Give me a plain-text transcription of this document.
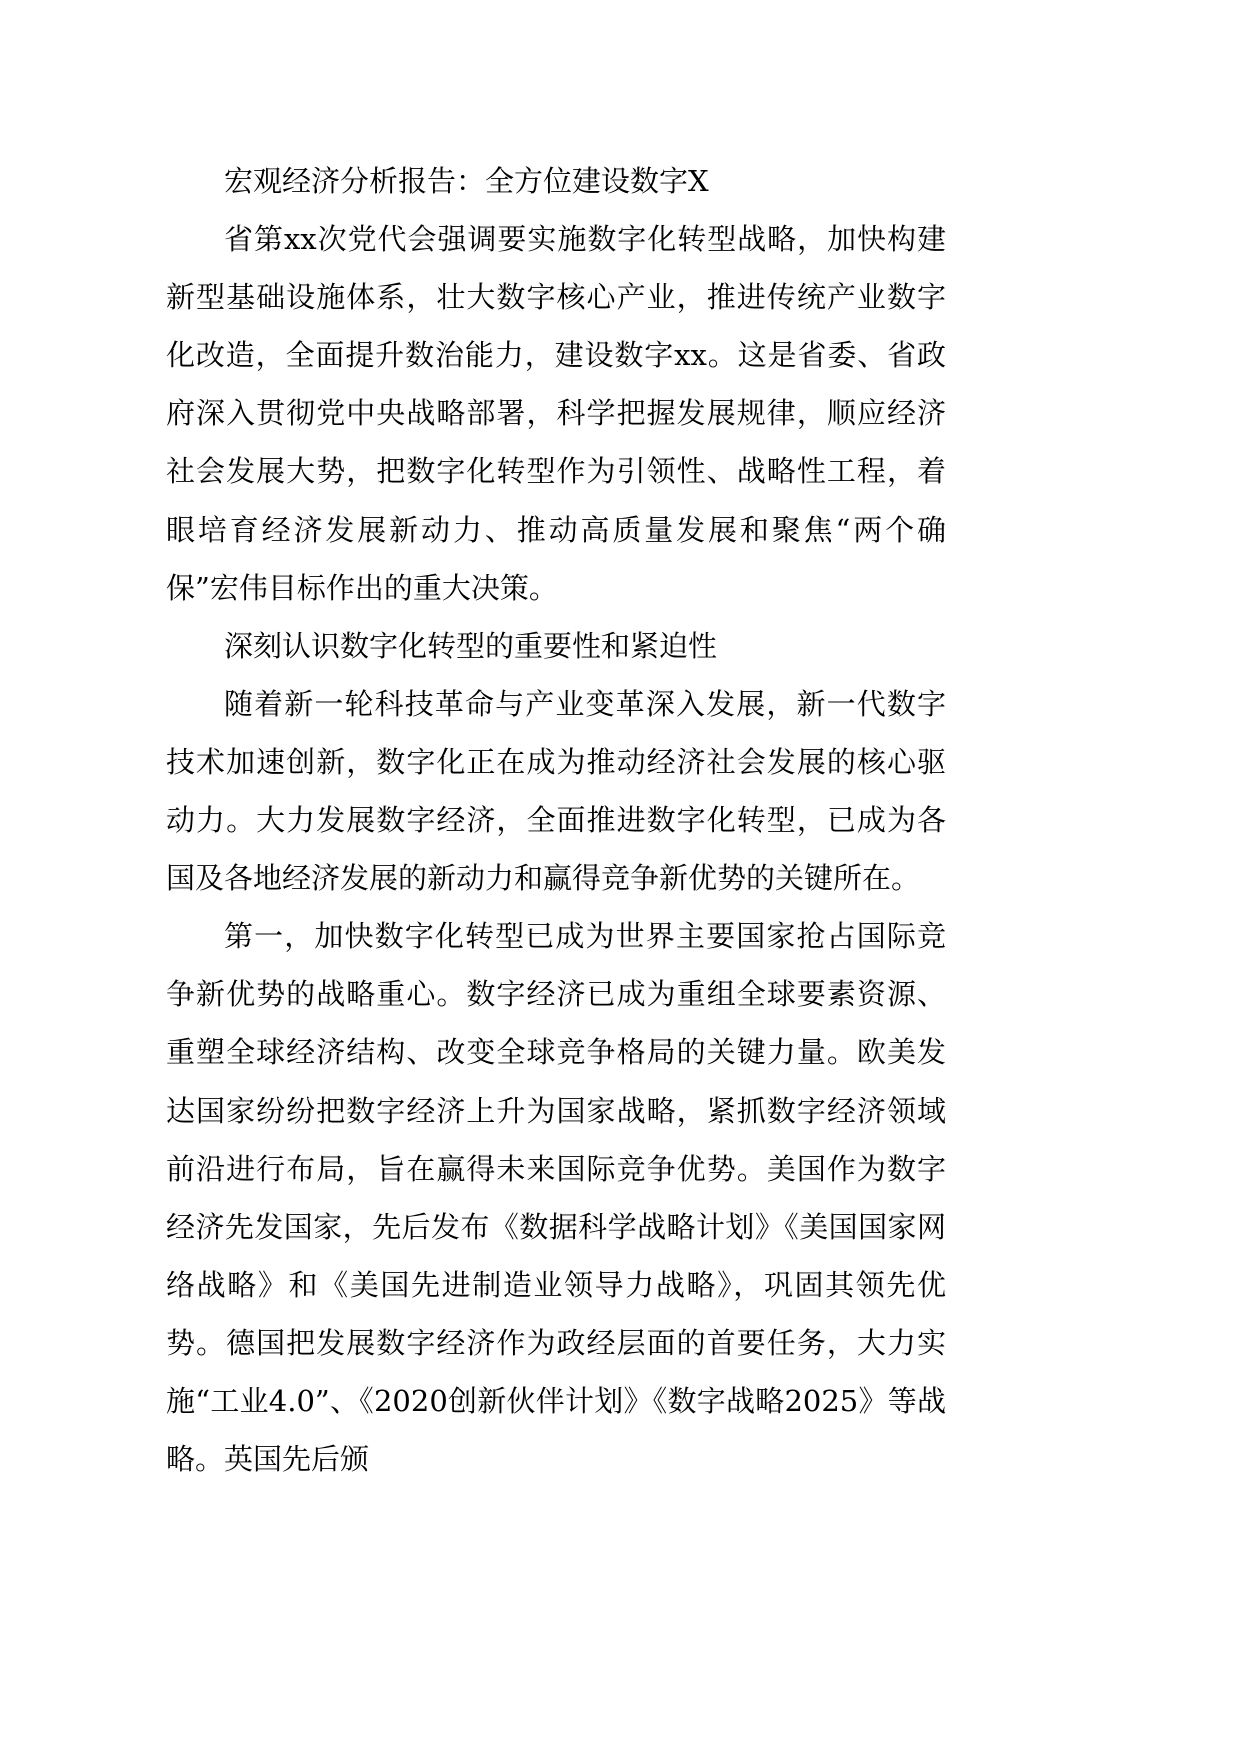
宏观经济分析报告：全方位建设数字X

省第xx次党代会强调要实施数字化转型战略，加快构建新型基础设施体系，壮大数字核心产业，推进传统产业数字化改造，全面提升数治能力，建设数字xx。这是省委、省政府深入贯彻党中央战略部署，科学把握发展规律，顺应经济社会发展大势，把数字化转型作为引领性、战略性工程，着眼培育经济发展新动力、推动高质量发展和聚焦“两个确保”宏伟目标作出的重大决策。

深刻认识数字化转型的重要性和紧迫性

随着新一轮科技革命与产业变革深入发展，新一代数字技术加速创新，数字化正在成为推动经济社会发展的核心驱动力。大力发展数字经济，全面推进数字化转型，已成为各国及各地经济发展的新动力和赢得竞争新优势的关键所在。

第一，加快数字化转型已成为世界主要国家抢占国际竞争新优势的战略重心。数字经济已成为重组全球要素资源、重塑全球经济结构、改变全球竞争格局的关键力量。欧美发达国家纷纷把数字经济上升为国家战略，紧抓数字经济领域前沿进行布局，旨在赢得未来国际竞争优势。美国作为数字经济先发国家，先后发布《数据科学战略计划》《美国国家网络战略》和《美国先进制造业领导力战略》，巩固其领先优势。德国把发展数字经济作为政经层面的首要任务，大力实施“工业4.0”、《2020创新伙伴计划》《数字战略2025》等战略。英国先后颁
